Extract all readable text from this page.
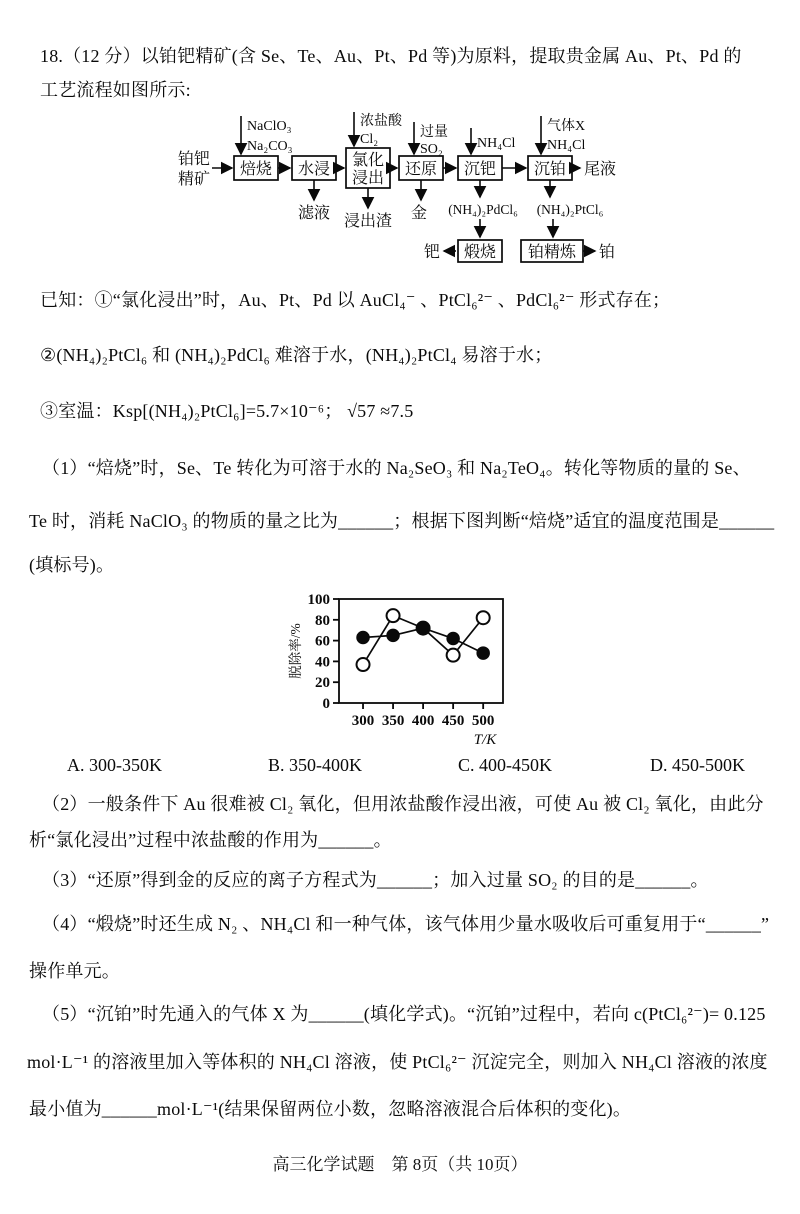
18.（12 分）以铂钯精矿(含 Se、Te、Au、Pt、Pd 等)为原料，提取贵金属 Au、Pt、Pd 的
工艺流程如图所示:
铂钯
精矿
焙烧 水浸
氯化
浸出
还原 沉钯 沉铂
煅烧 铂精炼
尾液
NaClO₃
Na₂CO₃
浓盐酸
Cl₂	过量
SO₂ NH₄Cl
气体X
NH₄Cl
滤液 浸出渣 金 (NH₄)₂PdCl₆ (NH₄)₂PtCl₆
钯	铂
已知：①“氯化浸出”时，Au、Pt、Pd 以 AuCl₄⁻ 、PtCl₆²⁻ 、PdCl₆²⁻ 形式存在；
②(NH₄)₂PtCl₆ 和 (NH₄)₂PdCl₆ 难溶于水，(NH₄)₂PtCl₄ 易溶于水；
③室温：Ksp[(NH₄)₂PtCl₆]=5.7×10⁻⁶； √57 ≈7.5
（1）“焙烧”时，Se、Te 转化为可溶于水的 Na₂SeO₃ 和 Na₂TeO₄。转化等物质的量的 Se、
Te 时，消耗 NaClO₃ 的物质的量之比为______；根据下图判断“焙烧”适宜的温度范围是______
(填标号)。
0
20
40
60
80
100
300 350 400 450 500
脱除率/%
T/K
A. 300-350K	B. 350-400K	C. 400-450K	D. 450-500K
（2）一般条件下 Au 很难被 Cl₂ 氧化，但用浓盐酸作浸出液，可使 Au 被 Cl₂ 氧化，由此分
析“氯化浸出”过程中浓盐酸的作用为______。
（3）“还原”得到金的反应的离子方程式为______；加入过量 SO₂ 的目的是______。
（4）“煅烧”时还生成 N₂ 、NH₄Cl 和一种气体，该气体用少量水吸收后可重复用于“______”
操作单元。
（5）“沉铂”时先通入的气体 X 为______(填化学式)。“沉铂”过程中，若向 c(PtCl₆²⁻)= 0.125
mol·L⁻¹ 的溶液里加入等体积的 NH₄Cl 溶液，使 PtCl₆²⁻ 沉淀完全，则加入 NH₄Cl 溶液的浓度
最小值为______mol·L⁻¹(结果保留两位小数，忽略溶液混合后体积的变化)。
高三化学试题　第 8页（共 10页）
